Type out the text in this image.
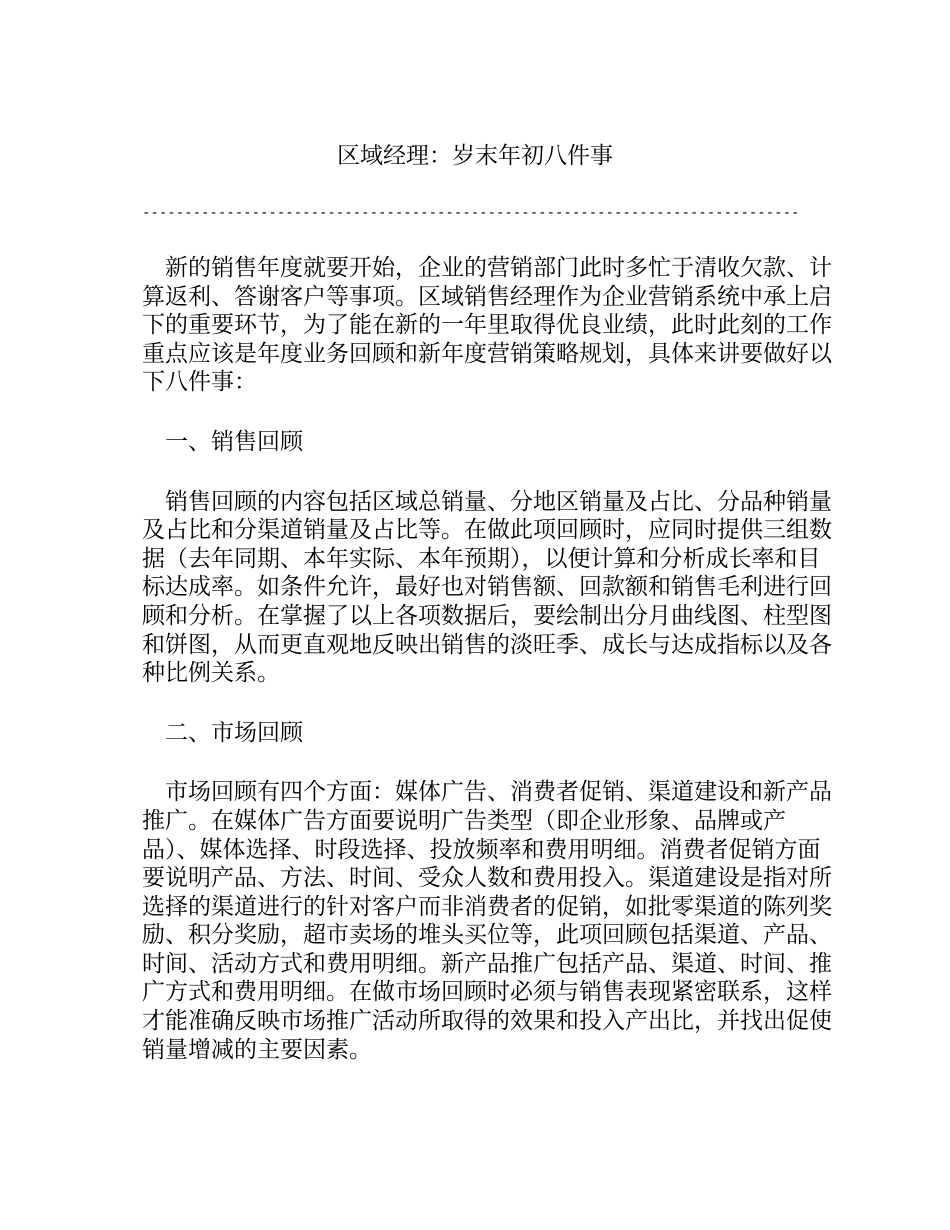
区域经理：岁末年初八件事
------------------------------------------------------------------------------

新的销售年度就要开始，企业的营销部门此时多忙于清收欠款、计算返利、答谢客户等事项。区域销售经理作为企业营销系统中承上启下的重要环节，为了能在新的一年里取得优良业绩，此时此刻的工作重点应该是年度业务回顾和新年度营销策略规划，具体来讲要做好以下八件事：

一、销售回顾

销售回顾的内容包括区域总销量、分地区销量及占比、分品种销量及占比和分渠道销量及占比等。在做此项回顾时，应同时提供三组数据（去年同期、本年实际、本年预期），以便计算和分析成长率和目标达成率。如条件允许，最好也对销售额、回款额和销售毛利进行回顾和分析。在掌握了以上各项数据后，要绘制出分月曲线图、柱型图和饼图，从而更直观地反映出销售的淡旺季、成长与达成指标以及各种比例关系。

二、市场回顾

市场回顾有四个方面：媒体广告、消费者促销、渠道建设和新产品推广。在媒体广告方面要说明广告类型（即企业形象、品牌或产品）、媒体选择、时段选择、投放频率和费用明细。消费者促销方面要说明产品、方法、时间、受众人数和费用投入。渠道建设是指对所选择的渠道进行的针对客户而非消费者的促销，如批零渠道的陈列奖励、积分奖励，超市卖场的堆头买位等，此项回顾包括渠道、产品、时间、活动方式和费用明细。新产品推广包括产品、渠道、时间、推广方式和费用明细。在做市场回顾时必须与销售表现紧密联系，这样才能准确反映市场推广活动所取得的效果和投入产出比，并找出促使销量增减的主要因素。
